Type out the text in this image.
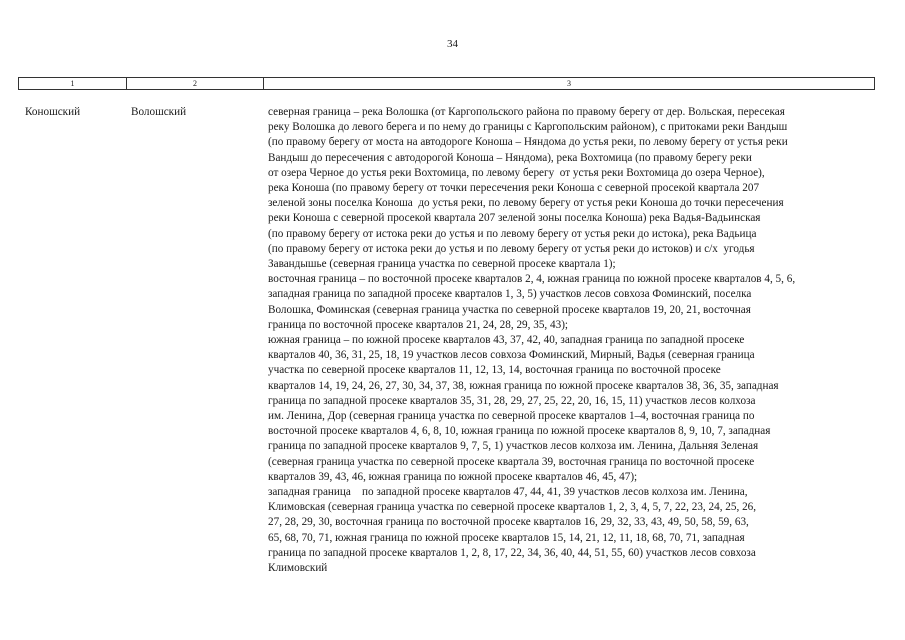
34
1	2	3
Коношский	Волошский	северная граница – река Волошка (от Каргопольского района по правому берегу от дер. Вольская, пересекая
реку Волошка до левого берега и по нему до границы с Каргопольским районом), с притоками реки Вандыш
(по правому берегу от моста на автодороге Коноша – Няндома до устья реки, по левому берегу от устья реки
Вандыш до пересечения с автодорогой Коноша – Няндома), река Вохтомица (по правому берегу реки
от озера Черное до устья реки Вохтомица, по левому берегу  от устья реки Вохтомица до озера Черное),
река Коноша (по правому берегу от точки пересечения реки Коноша с северной просекой квартала 207
зеленой зоны поселка Коноша  до устья реки, по левому берегу от устья реки Коноша до точки пересечения
реки Коноша с северной просекой квартала 207 зеленой зоны поселка Коноша) река Вадья-Вадьинская
(по правому берегу от истока реки до устья и по левому берегу от устья реки до истока), река Вадьица
(по правому берегу от истока реки до устья и по левому берегу от устья реки до истоков) и с/х  угодья
Завандышье (северная граница участка по северной просеке квартала 1);
восточная граница – по восточной просеке кварталов 2, 4, южная граница по южной просеке кварталов 4, 5, 6,
западная граница по западной просеке кварталов 1, 3, 5) участков лесов совхоза Фоминский, поселка
Волошка, Фоминская (северная граница участка по северной просеке кварталов 19, 20, 21, восточная
граница по восточной просеке кварталов 21, 24, 28, 29, 35, 43);
южная граница – по южной просеке кварталов 43, 37, 42, 40, западная граница по западной просеке
кварталов 40, 36, 31, 25, 18, 19 участков лесов совхоза Фоминский, Мирный, Вадья (северная граница
участка по северной просеке кварталов 11, 12, 13, 14, восточная граница по восточной просеке
кварталов 14, 19, 24, 26, 27, 30, 34, 37, 38, южная граница по южной просеке кварталов 38, 36, 35, западная
граница по западной просеке кварталов 35, 31, 28, 29, 27, 25, 22, 20, 16, 15, 11) участков лесов колхоза
им. Ленина, Дор (северная граница участка по северной просеке кварталов 1–4, восточная граница по
восточной просеке кварталов 4, 6, 8, 10, южная граница по южной просеке кварталов 8, 9, 10, 7, западная
граница по западной просеке кварталов 9, 7, 5, 1) участков лесов колхоза им. Ленина, Дальняя Зеленая
(северная граница участка по северной просеке квартала 39, восточная граница по восточной просеке
кварталов 39, 43, 46, южная граница по южной просеке кварталов 46, 45, 47);
западная граница    по западной просеке кварталов 47, 44, 41, 39 участков лесов колхоза им. Ленина,
Климовская (северная граница участка по северной просеке кварталов 1, 2, 3, 4, 5, 7, 22, 23, 24, 25, 26,
27, 28, 29, 30, восточная граница по восточной просеке кварталов 16, 29, 32, 33, 43, 49, 50, 58, 59, 63,
65, 68, 70, 71, южная граница по южной просеке кварталов 15, 14, 21, 12, 11, 18, 68, 70, 71, западная
граница по западной просеке кварталов 1, 2, 8, 17, 22, 34, 36, 40, 44, 51, 55, 60) участков лесов совхоза
Климовский
